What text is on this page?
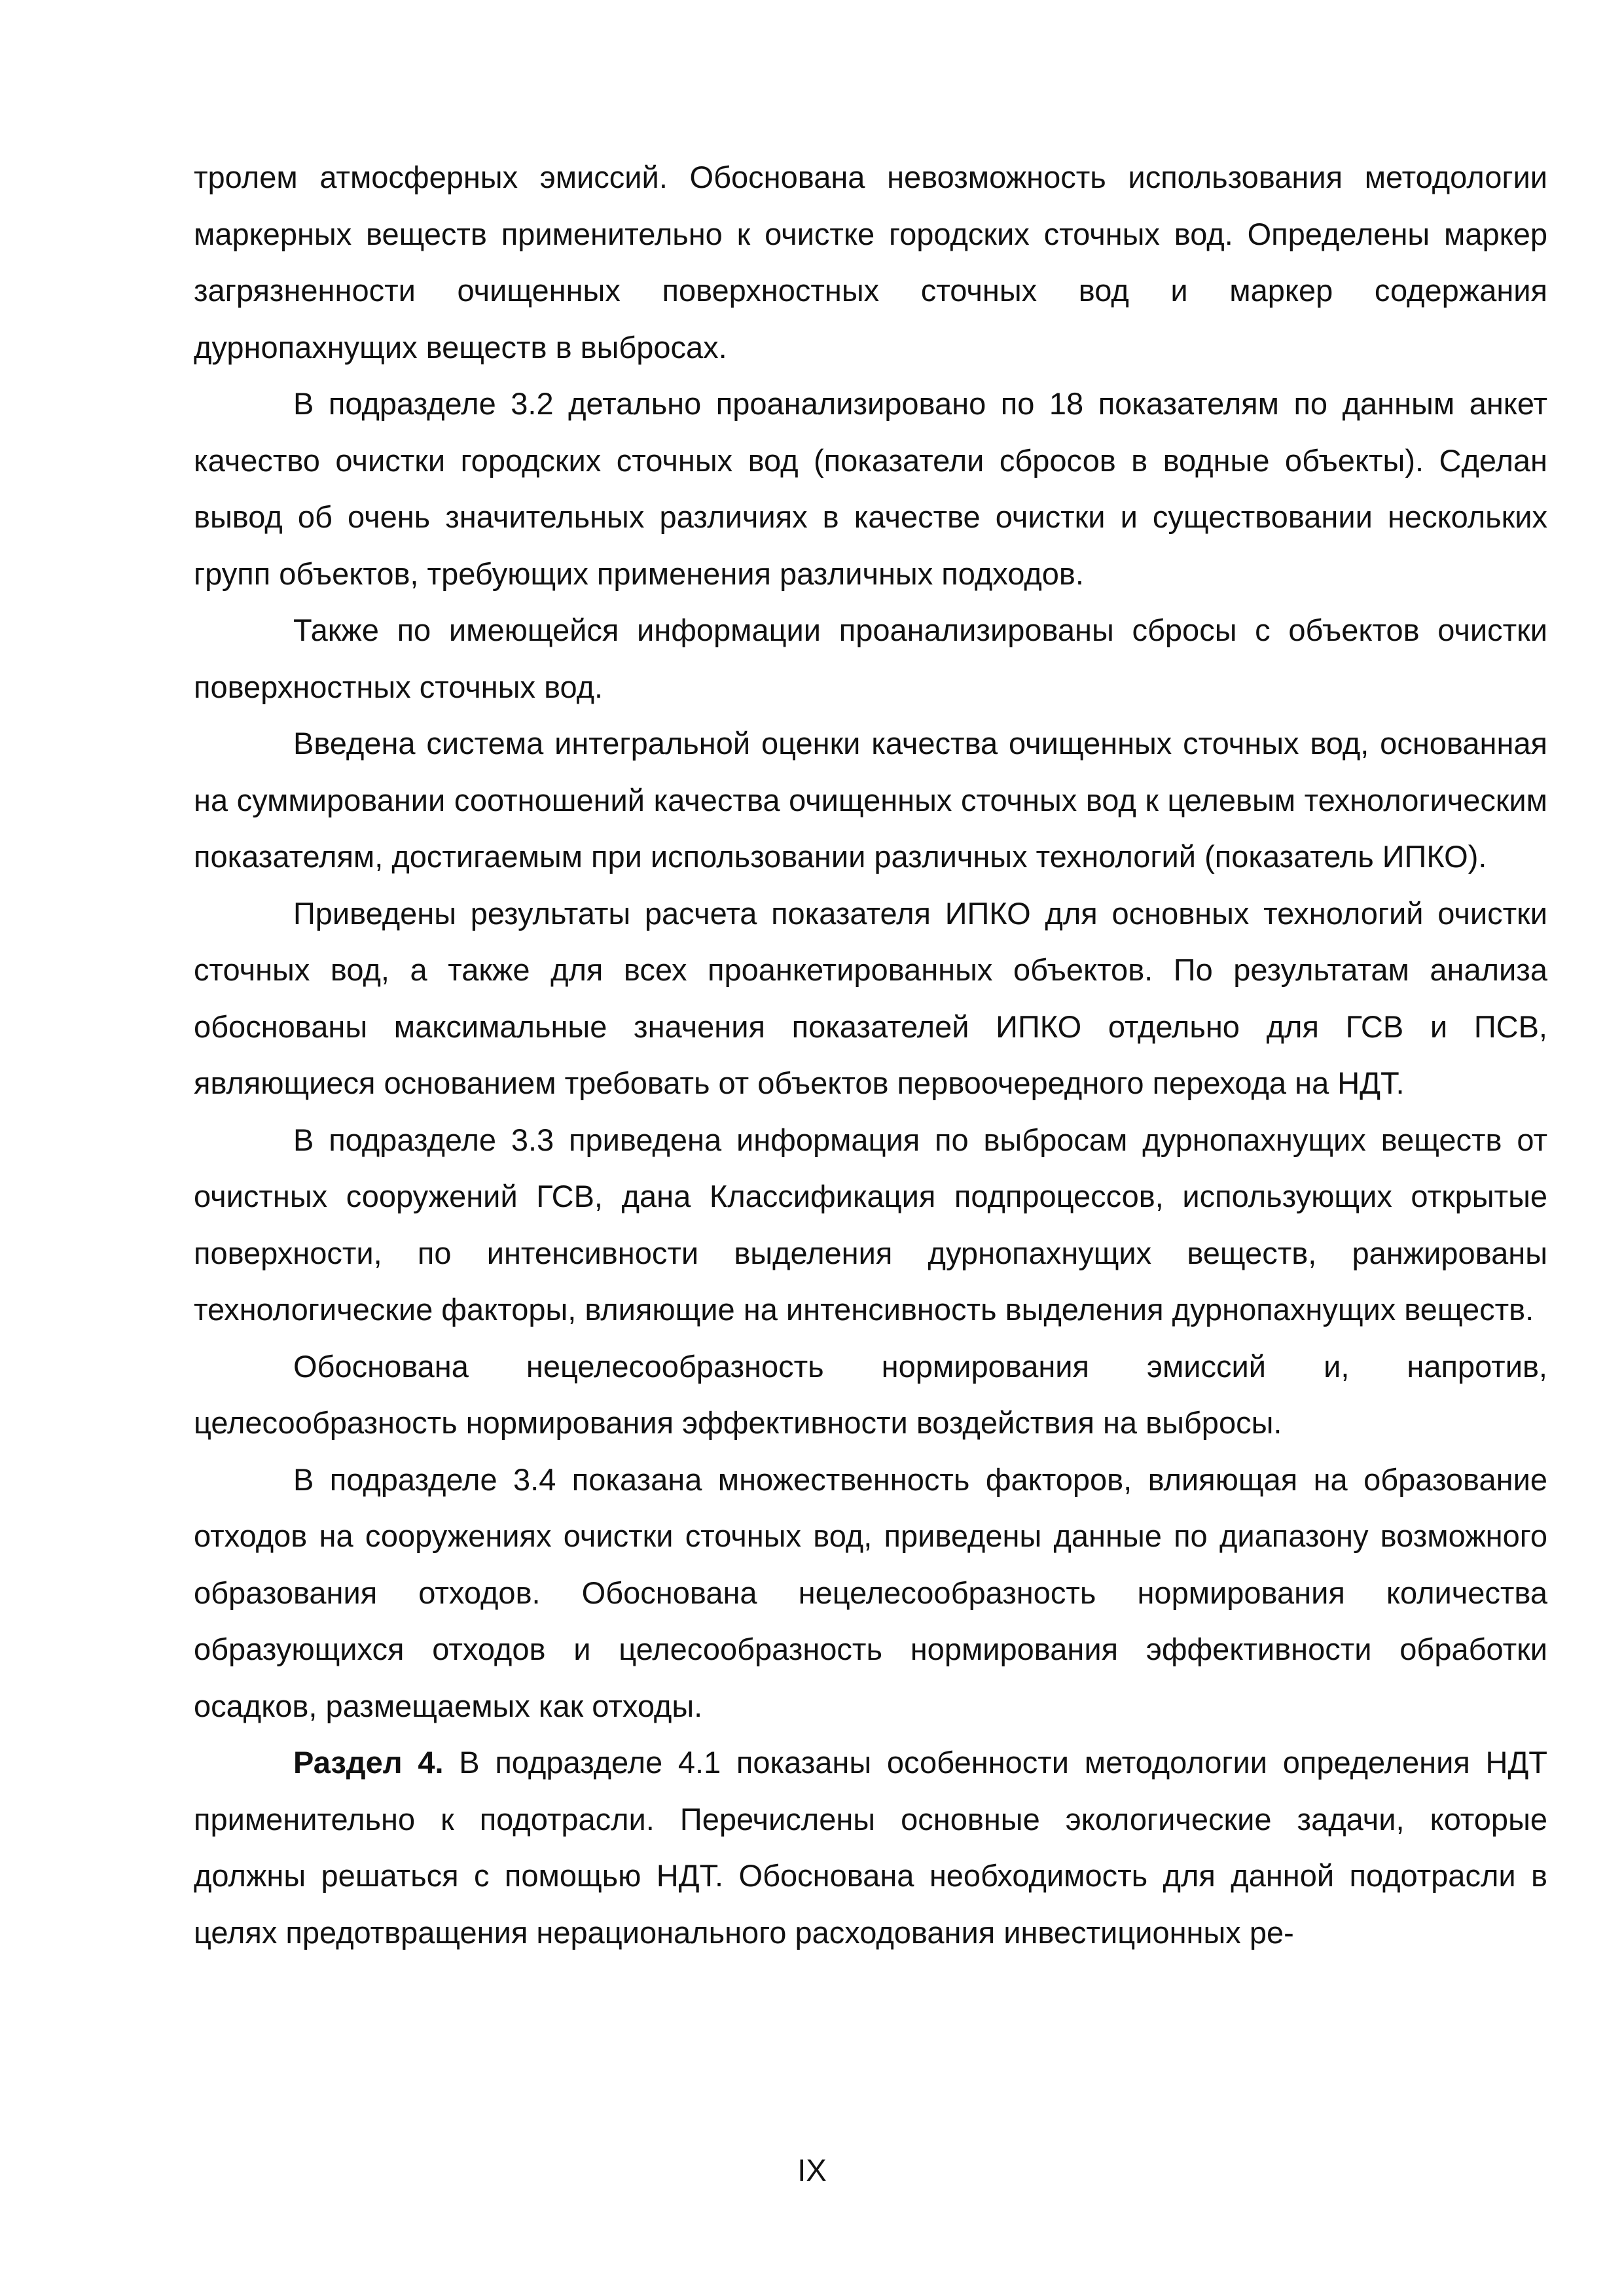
тролем атмосферных эмиссий. Обоснована невозможность использования методологии маркерных веществ применительно к очистке городских сточных вод. Определены маркер загрязненности очищенных поверхностных сточных вод и маркер содержания дурнопахнущих веществ в выбросах.

В подразделе 3.2 детально проанализировано по 18 показателям по данным анкет качество очистки городских сточных вод (показатели сбросов в водные объекты). Сделан вывод об очень значительных различиях в качестве очистки и существовании нескольких групп объектов, требующих применения различных подходов.

Также по имеющейся информации проанализированы сбросы с объектов очистки поверхностных сточных вод.

Введена система интегральной оценки качества очищенных сточных вод, основанная на суммировании соотношений качества очищенных сточных вод к целевым технологическим показателям, достигаемым при использовании различных технологий (показатель ИПКО).

Приведены результаты расчета показателя ИПКО для основных технологий очистки сточных вод, а также для всех проанкетированных объектов. По результатам анализа обоснованы максимальные значения показателей ИПКО отдельно для ГСВ и ПСВ, являющиеся основанием требовать от объектов первоочередного перехода на НДТ.

В подразделе 3.3 приведена информация по выбросам дурнопахнущих веществ от очистных сооружений ГСВ, дана Классификация подпроцессов, использующих открытые поверхности, по интенсивности выделения дурнопахнущих веществ, ранжированы технологические факторы, влияющие на интенсивность выделения дурнопахнущих веществ.

Обоснована нецелесообразность нормирования эмиссий и, напротив, целесообразность нормирования эффективности воздействия на выбросы.

В подразделе 3.4 показана множественность факторов, влияющая на образование отходов на сооружениях очистки сточных вод, приведены данные по диапазону возможного образования отходов. Обоснована нецелесообразность нормирования количества образующихся отходов и целесообразность нормирования эффективности обработки осадков, размещаемых как отходы.

Раздел 4. В подразделе 4.1 показаны особенности методологии определения НДТ применительно к подотрасли. Перечислены основные экологические задачи, которые должны решаться с помощью НДТ. Обоснована необходимость для данной подотрасли в целях предотвращения нерационального расходования инвестиционных ре-

IX
